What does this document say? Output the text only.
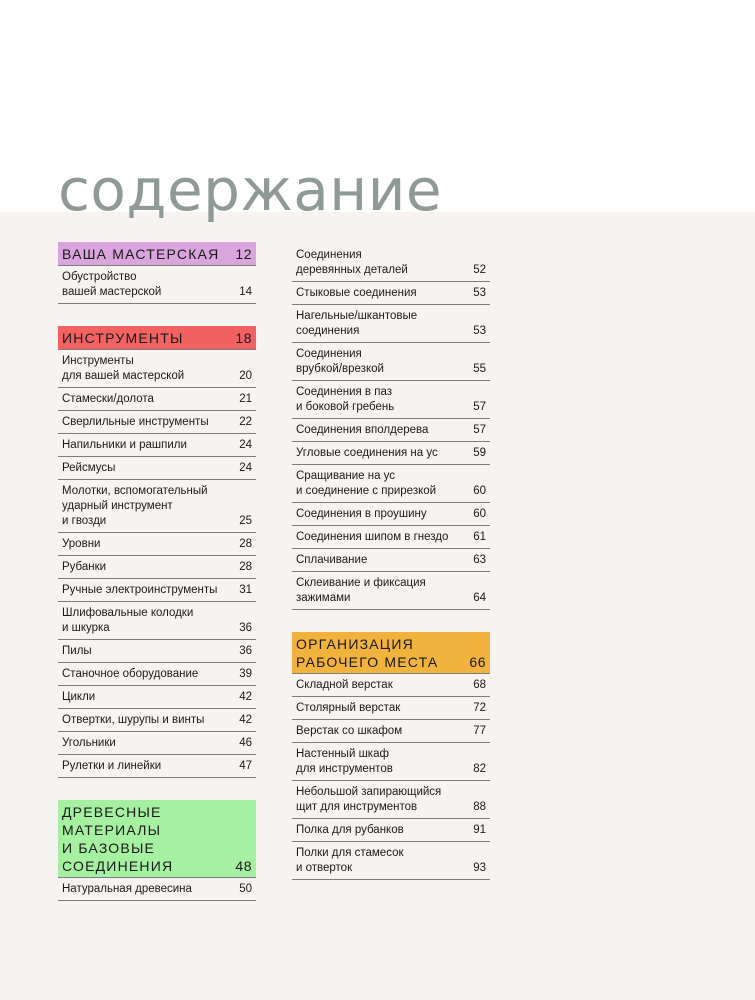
содержание
ВАША МАСТЕРСКАЯ 12
Обустройство
вашей мастерской	14
ИНСТРУМЕНТЫ	18
Инструменты
для вашей мастерской	20
Стамески/долота	21
Сверлильные инструменты	22
Напильники и рашпили	24
Рейсмусы	24
Молотки, вспомогательный
ударный инструмент
и гвозди	25
Уровни	28
Рубанки	28
Ручные электроинструменты 31
Шлифовальные колодки
и шкурка	36
Пилы	36
Станочное оборудование	39
Цикли	42
Отвертки, шурупы и винты	42
Угольники	46
Рулетки и линейки	47
ДРЕВЕСНЫЕ
МАТЕРИАЛЫ
И БАЗОВЫЕ
СОЕДИНЕНИЯ	48
Натуральная древесина	50
Соединения
деревянных деталей	52
Стыковые соединения	53
Нагельные/шкантовые
соединения	53
Соединения
врубкой/врезкой	55
Соединения в паз
и боковой гребень	57
Соединения вполдерева	57
Угловые соединения на ус	59
Сращивание на ус
и соединение с прирезкой	60
Соединения в проушину	60
Соединения шипом в гнездо 61
Сплачивание	63
Склеивание и фиксация
зажимами	64
ОРГАНИЗАЦИЯ
РАБОЧЕГО МЕСТА 66
Складной верстак	68
Столярный верстак	72
Верстак со шкафом	77
Настенный шкаф
для инструментов	82
Небольшой запирающийся
щит для инструментов	88
Полка для рубанков	91
Полки для стамесок
и отверток	93
